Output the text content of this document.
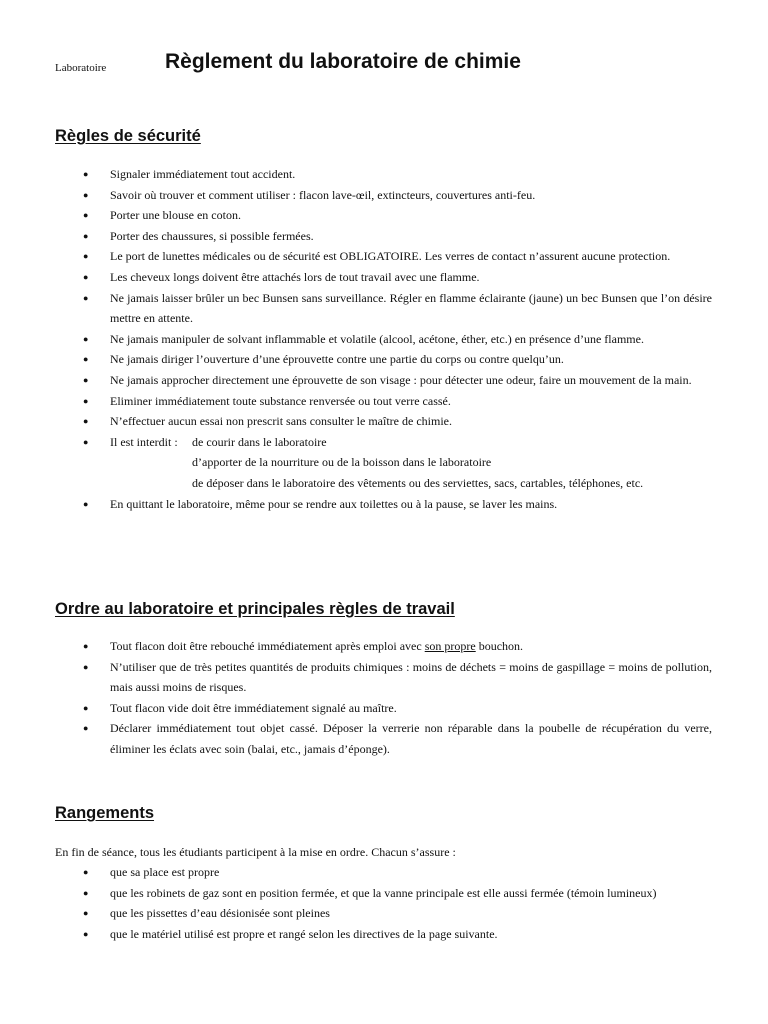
Laboratoire	Règlement du laboratoire de chimie
Règles de sécurité
● Signaler immédiatement tout accident.
● Savoir où trouver et comment utiliser : flacon lave-œil, extincteurs, couvertures anti-feu.
● Porter une blouse en coton.
● Porter des chaussures, si possible fermées.
● Le port de lunettes médicales ou de sécurité est OBLIGATOIRE. Les verres de contact n’assurent aucune protection.
● Les cheveux longs doivent être attachés lors de tout travail avec une flamme.
● Ne jamais laisser brûler un bec Bunsen sans surveillance. Régler en flamme éclairante (jaune) un bec Bunsen que l’on désire mettre en attente.
● Ne jamais manipuler de solvant inflammable et volatile (alcool, acétone, éther, etc.) en présence d’une flamme.
● Ne jamais diriger l’ouverture d’une éprouvette contre une partie du corps ou contre quelqu’un.
● Ne jamais approcher directement une éprouvette de son visage : pour détecter une odeur, faire un mouvement de la main.
● Eliminer immédiatement toute substance renversée ou tout verre cassé.
● N’effectuer aucun essai non prescrit sans consulter le maître de chimie.
● Il est interdit :	de courir dans le laboratoire
d’apporter de la nourriture ou de la boisson dans le laboratoire
de déposer dans le laboratoire des vêtements ou des serviettes, sacs, cartables, téléphones, etc.
● En quittant le laboratoire, même pour se rendre aux toilettes ou à la pause, se laver les mains.
Ordre au laboratoire et principales règles de travail
● Tout flacon doit être rebouché immédiatement après emploi avec son propre bouchon.
● N’utiliser que de très petites quantités de produits chimiques : moins de déchets = moins de gaspillage = moins de pollution, mais aussi moins de risques.
● Tout flacon vide doit être immédiatement signalé au maître.
● Déclarer immédiatement tout objet cassé. Déposer la verrerie non réparable dans la poubelle de récupération du verre, éliminer les éclats avec soin (balai, etc., jamais d’éponge).
Rangements

En fin de séance, tous les étudiants participent à la mise en ordre. Chacun s’assure :

● que sa place est propre
● que les robinets de gaz sont en position fermée, et que la vanne principale est elle aussi fermée (témoin lumineux)
● que les pissettes d’eau désionisée sont pleines
● que le matériel utilisé est propre et rangé selon les directives de la page suivante.
